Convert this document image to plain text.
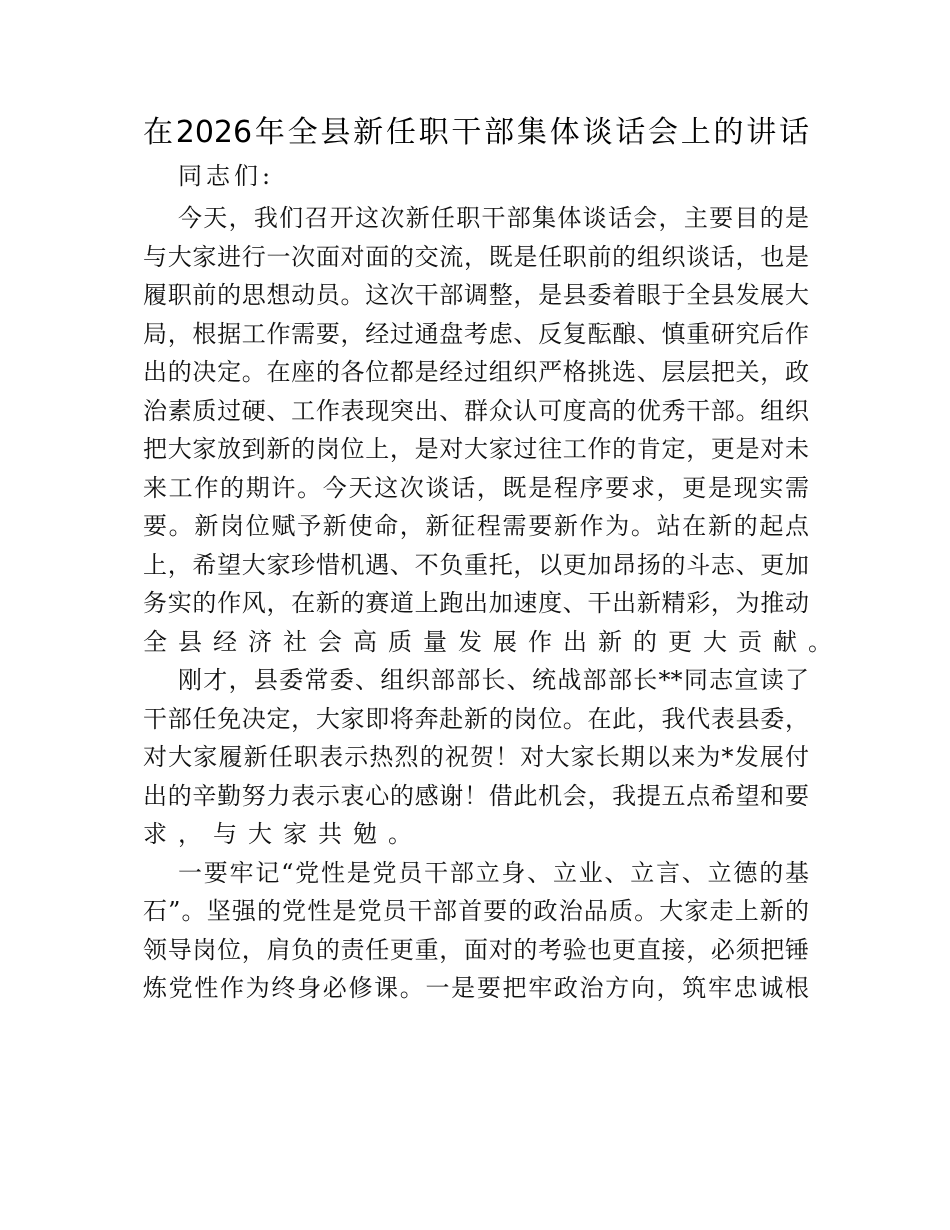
在2026年全县新任职干部集体谈话会上的讲话
同志们:
今天，我们召开这次新任职干部集体谈话会，主要目的是
与大家进行一次面对面的交流，既是任职前的组织谈话，也是
履职前的思想动员。这次干部调整，是县委着眼于全县发展大
局，根据工作需要，经过通盘考虑、反复酝酿、慎重研究后作
出的决定。在座的各位都是经过组织严格挑选、层层把关，政
治素质过硬、工作表现突出、群众认可度高的优秀干部。组织
把大家放到新的岗位上，是对大家过往工作的肯定，更是对未
来工作的期许。今天这次谈话，既是程序要求，更是现实需
要。新岗位赋予新使命，新征程需要新作为。站在新的起点
上，希望大家珍惜机遇、不负重托，以更加昂扬的斗志、更加
务实的作风，在新的赛道上跑出加速度、干出新精彩，为推动
全县经济社会高质量发展作出新的更大贡献。
刚才，县委常委、组织部部长、统战部部长**同志宣读了
干部任免决定，大家即将奔赴新的岗位。在此，我代表县委，
对大家履新任职表示热烈的祝贺！对大家长期以来为*发展付
出的辛勤努力表示衷心的感谢！借此机会，我提五点希望和要
求，与大家共勉。
一要牢记“党性是党员干部立身、立业、立言、立德的基
石”。坚强的党性是党员干部首要的政治品质。大家走上新的
领导岗位，肩负的责任更重，面对的考验也更直接，必须把锤
炼党性作为终身必修课。一是要把牢政治方向，筑牢忠诚根
